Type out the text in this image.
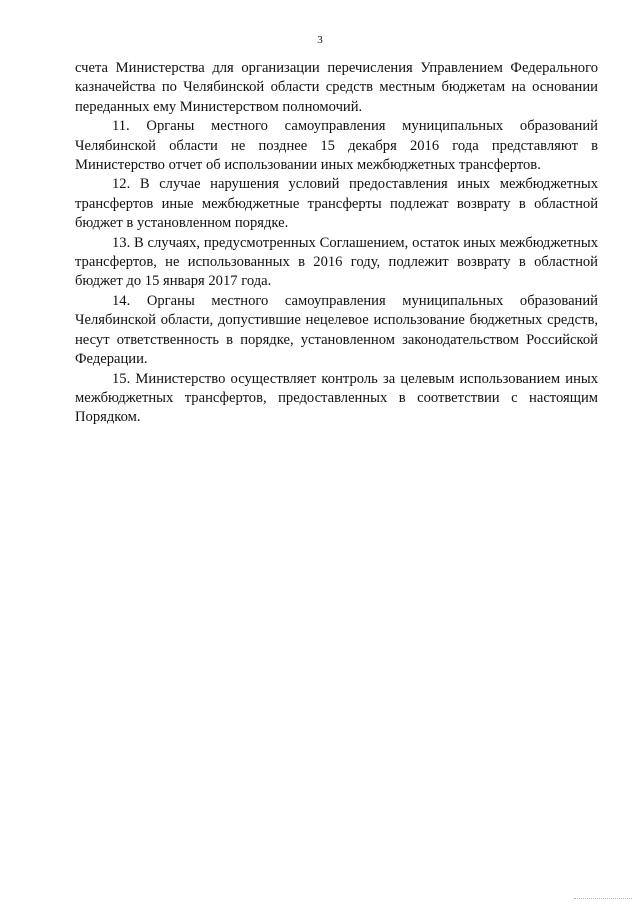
3

счета Министерства для организации перечисления Управлением Федерального казначейства по Челябинской области средств местным бюджетам на основании переданных ему Министерством полномочий.

11. Органы местного самоуправления муниципальных образований Челябинской области не позднее 15 декабря 2016 года представляют в Министерство отчет об использовании иных межбюджетных трансфертов.

12. В случае нарушения условий предоставления иных межбюджетных трансфертов иные межбюджетные трансферты подлежат возврату в областной бюджет в установленном порядке.

13. В случаях, предусмотренных Соглашением, остаток иных межбюджетных трансфертов, не использованных в 2016 году, подлежит возврату в областной бюджет до 15 января 2017 года.

14. Органы местного самоуправления муниципальных образований Челябинской области, допустившие нецелевое использование бюджетных средств, несут ответственность в порядке, установленном законодательством Российской Федерации.

15. Министерство осуществляет контроль за целевым использованием иных межбюджетных трансфертов, предоставленных в соответствии с настоящим Порядком.
